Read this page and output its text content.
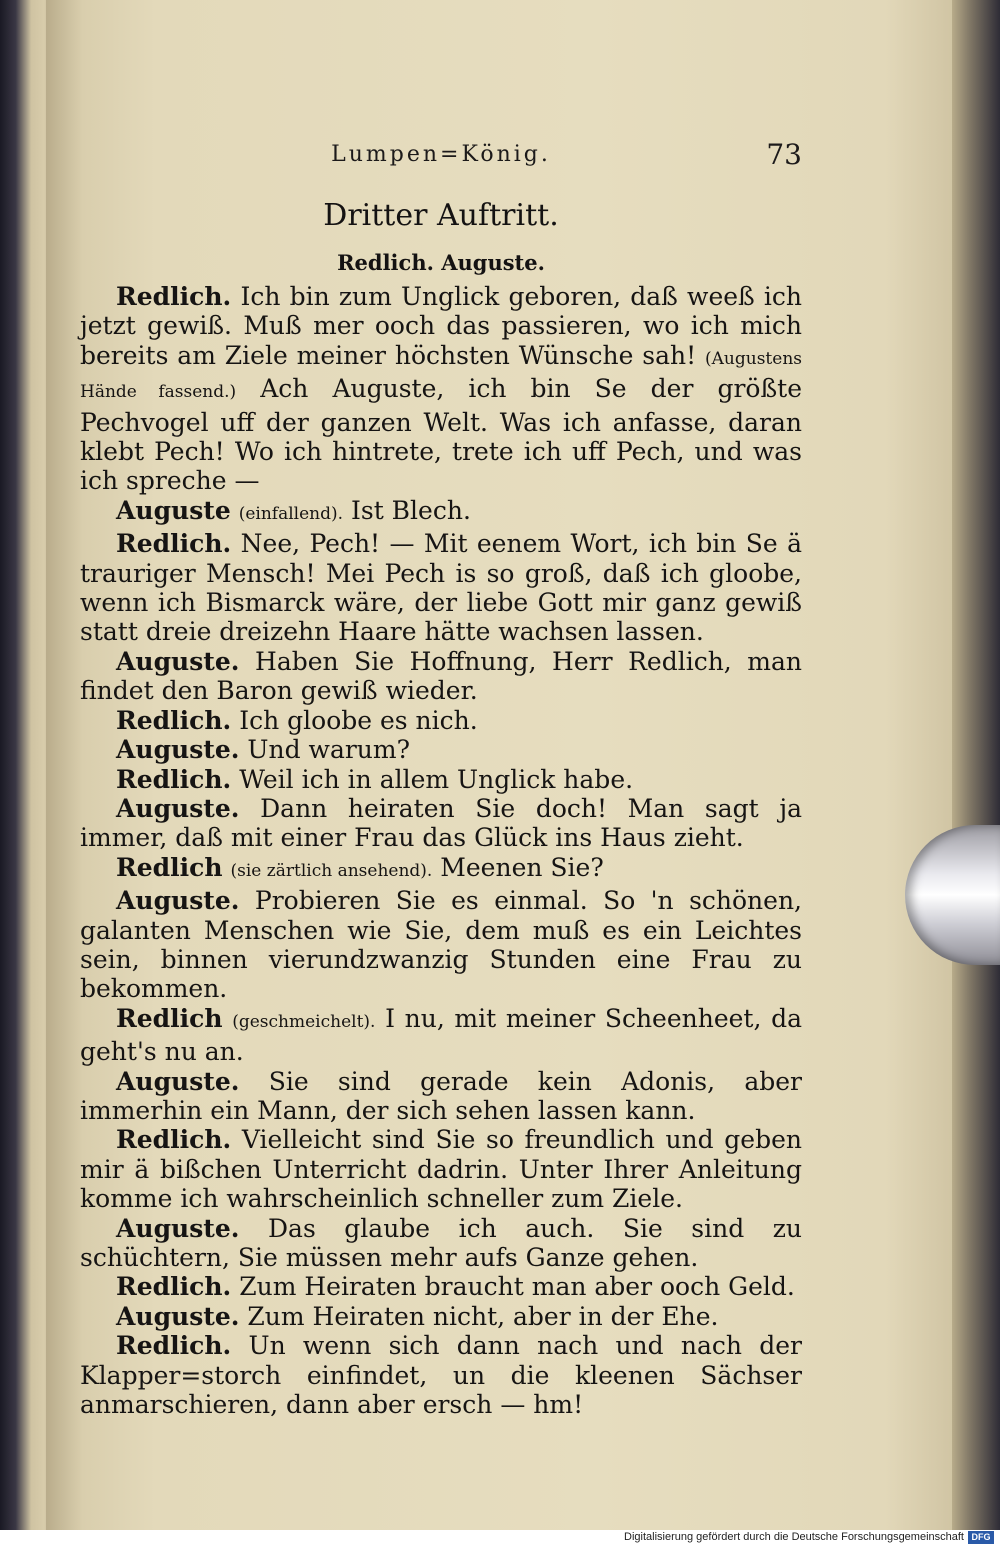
Lumpen=König.	73
Dritter Auftritt.
Redlich. Auguste.

Redlich. Ich bin zum Unglick geboren, daß weeß ich jetzt gewiß. Muß mer ooch das passieren, wo ich mich bereits am Ziele meiner höchsten Wünsche sah! (Augustens Hände fassend.) Ach Auguste, ich bin Se der größte Pechvogel uff der ganzen Welt. Was ich anfasse, daran klebt Pech! Wo ich hintrete, trete ich uff Pech, und was ich spreche —

Auguste (einfallend). Ist Blech.

Redlich. Nee, Pech! — Mit eenem Wort, ich bin Se ä trauriger Mensch! Mei Pech is so groß, daß ich gloobe, wenn ich Bismarck wäre, der liebe Gott mir ganz gewiß statt dreie dreizehn Haare hätte wachsen lassen.

Auguste. Haben Sie Hoffnung, Herr Redlich, man findet den Baron gewiß wieder.

Redlich. Ich gloobe es nich.

Auguste. Und warum?

Redlich. Weil ich in allem Unglick habe.

Auguste. Dann heiraten Sie doch! Man sagt ja immer, daß mit einer Frau das Glück ins Haus zieht.

Redlich (sie zärtlich ansehend). Meenen Sie?

Auguste. Probieren Sie es einmal. So 'n schönen, galanten Menschen wie Sie, dem muß es ein Leichtes sein, binnen vierundzwanzig Stunden eine Frau zu bekommen.

Redlich (geschmeichelt). I nu, mit meiner Scheenheet, da geht's nu an.

Auguste. Sie sind gerade kein Adonis, aber immerhin ein Mann, der sich sehen lassen kann.

Redlich. Vielleicht sind Sie so freundlich und geben mir ä bißchen Unterricht dadrin. Unter Ihrer Anleitung komme ich wahrscheinlich schneller zum Ziele.

Auguste. Das glaube ich auch. Sie sind zu schüchtern, Sie müssen mehr aufs Ganze gehen.

Redlich. Zum Heiraten braucht man aber ooch Geld.

Auguste. Zum Heiraten nicht, aber in der Ehe.

Redlich. Un wenn sich dann nach und nach der Klapper=storch einfindet, un die kleenen Sächser anmarschieren, dann aber ersch — hm!

Digitalisierung gefördert durch die Deutsche Forschungsgemeinschaft DFG
